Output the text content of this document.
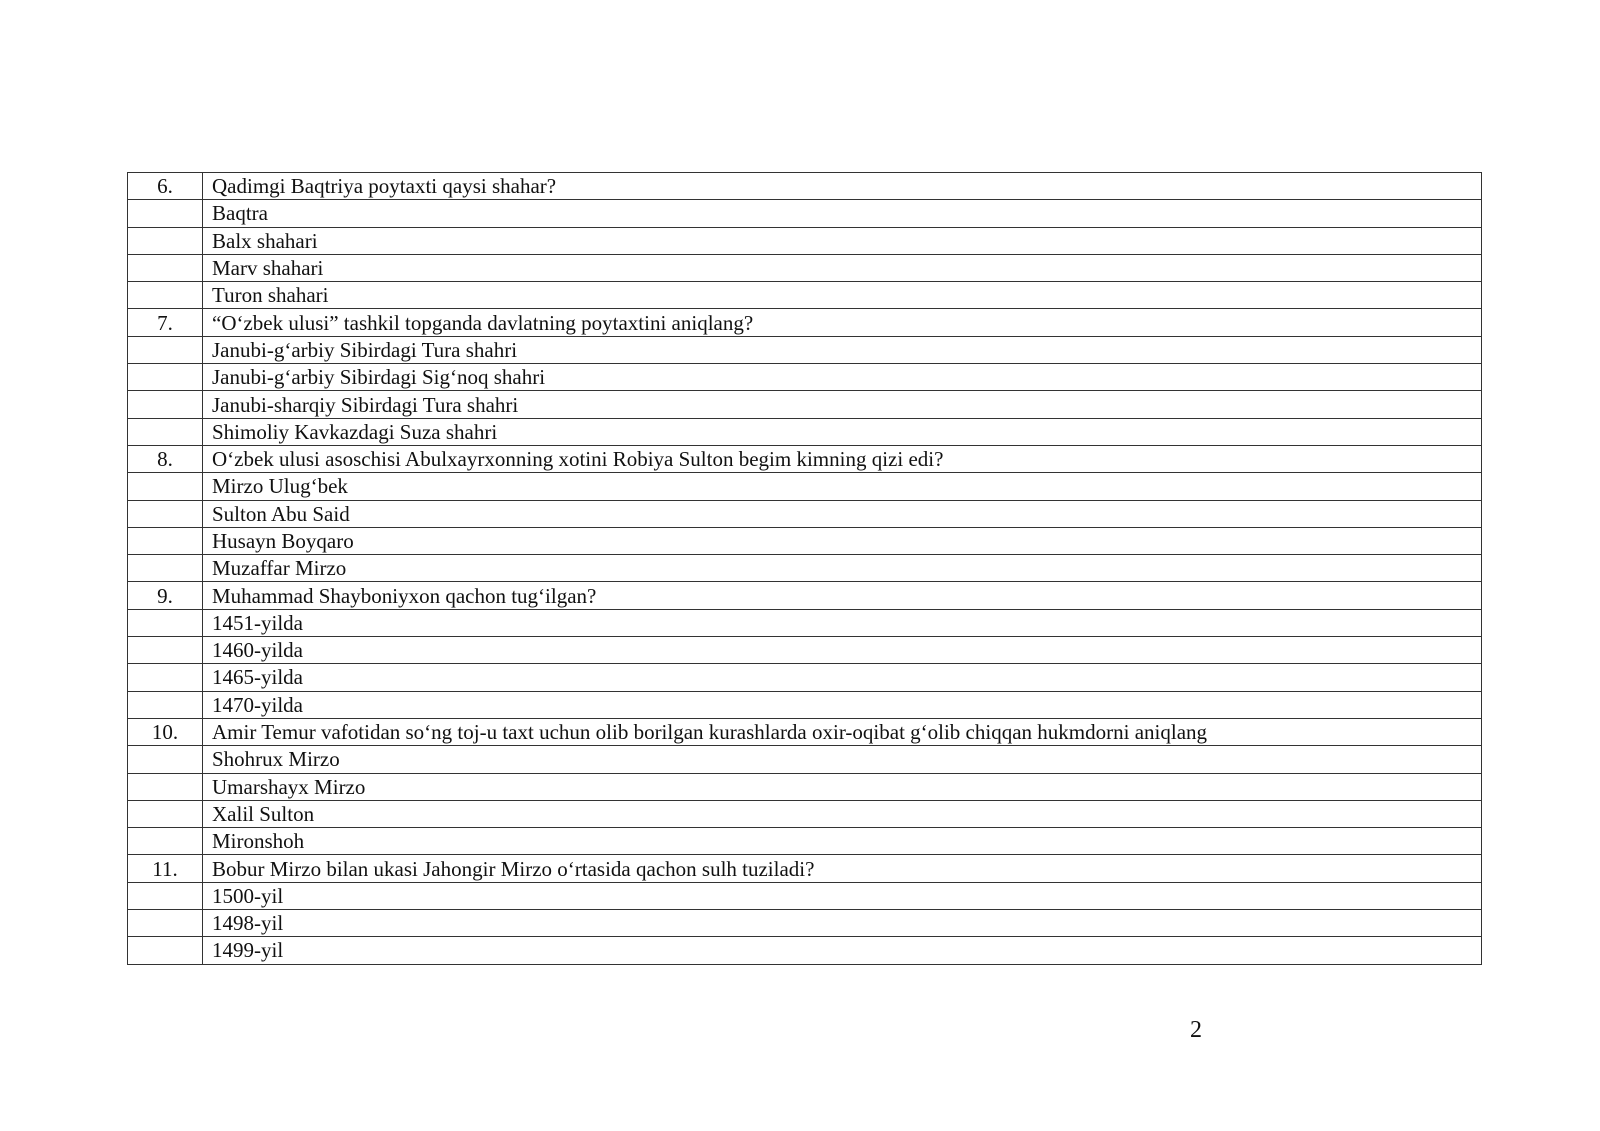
6.	Qadimgi Baqtriya poytaxti qaysi shahar?
	Baqtra
	Balx shahari
	Marv shahari
	Turon shahari
7.	“O‘zbek ulusi” tashkil topganda davlatning poytaxtini aniqlang?
	Janubi-g‘arbiy Sibirdagi Tura shahri
	Janubi-g‘arbiy Sibirdagi Sig‘noq shahri
	Janubi-sharqiy Sibirdagi Tura shahri
	Shimoliy Kavkazdagi Suza shahri
8.	O‘zbek ulusi asoschisi Abulxayrxonning xotini Robiya Sulton begim kimning qizi edi?
	Mirzo Ulug‘bek
	Sulton Abu Said
	Husayn Boyqaro
	Muzaffar Mirzo
9.	Muhammad Shayboniyxon qachon tug‘ilgan?
	1451-yilda
	1460-yilda
	1465-yilda
	1470-yilda
10.	Amir Temur vafotidan so‘ng toj-u taxt uchun olib borilgan kurashlarda oxir-oqibat g‘olib chiqqan hukmdorni aniqlang
	Shohrux Mirzo
	Umarshayx Mirzo
	Xalil Sulton
	Mironshoh
11.	Bobur Mirzo bilan ukasi Jahongir Mirzo o‘rtasida qachon sulh tuziladi?
	1500-yil
	1498-yil
	1499-yil
2
